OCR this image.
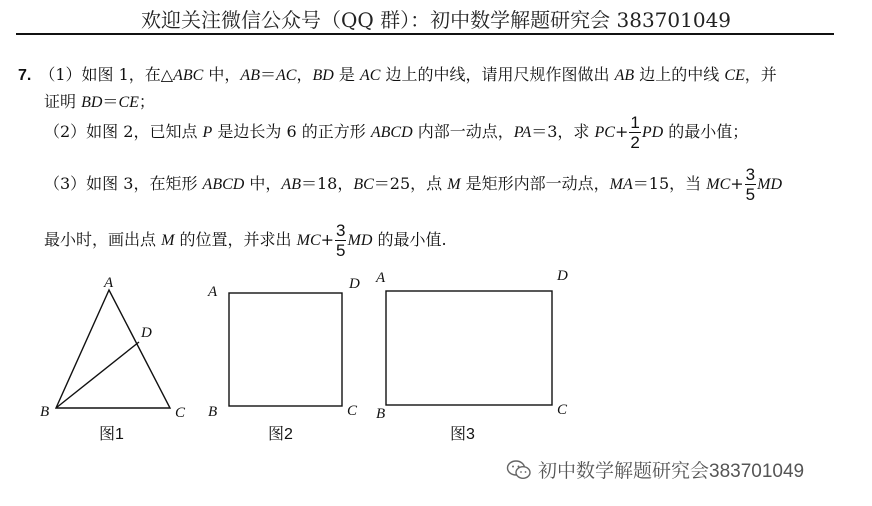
欢迎关注微信公众号（QQ 群）：初中数学解题研究会 383701049
7. （1）如图 1，在△ABC 中，AB＝AC，BD 是 AC 边上的中线，请用尺规作图做出 AB 边上的中线 CE，并
证明 BD＝CE；
（2）如图 2，已知点 P 是边长为 6 的正方形 ABCD 内部一动点，PA＝3，求 $PC+ \frac{1}{2}$ PD 的最小值；
（3）如图 3，在矩形 ABCD 中，AB＝18，BC＝25，点 M 是矩形内部一动点，MA＝15，当 $MC+ \frac{3}{5}$ MD
最小时，画出点 M 的位置，并求出 $MC+ \frac{3}{5}$ MD 的最小值.
A
D
B	C
A	D
B	C
A	D
B	C
图1	图2	图3
初中数学解题研究会383701049
